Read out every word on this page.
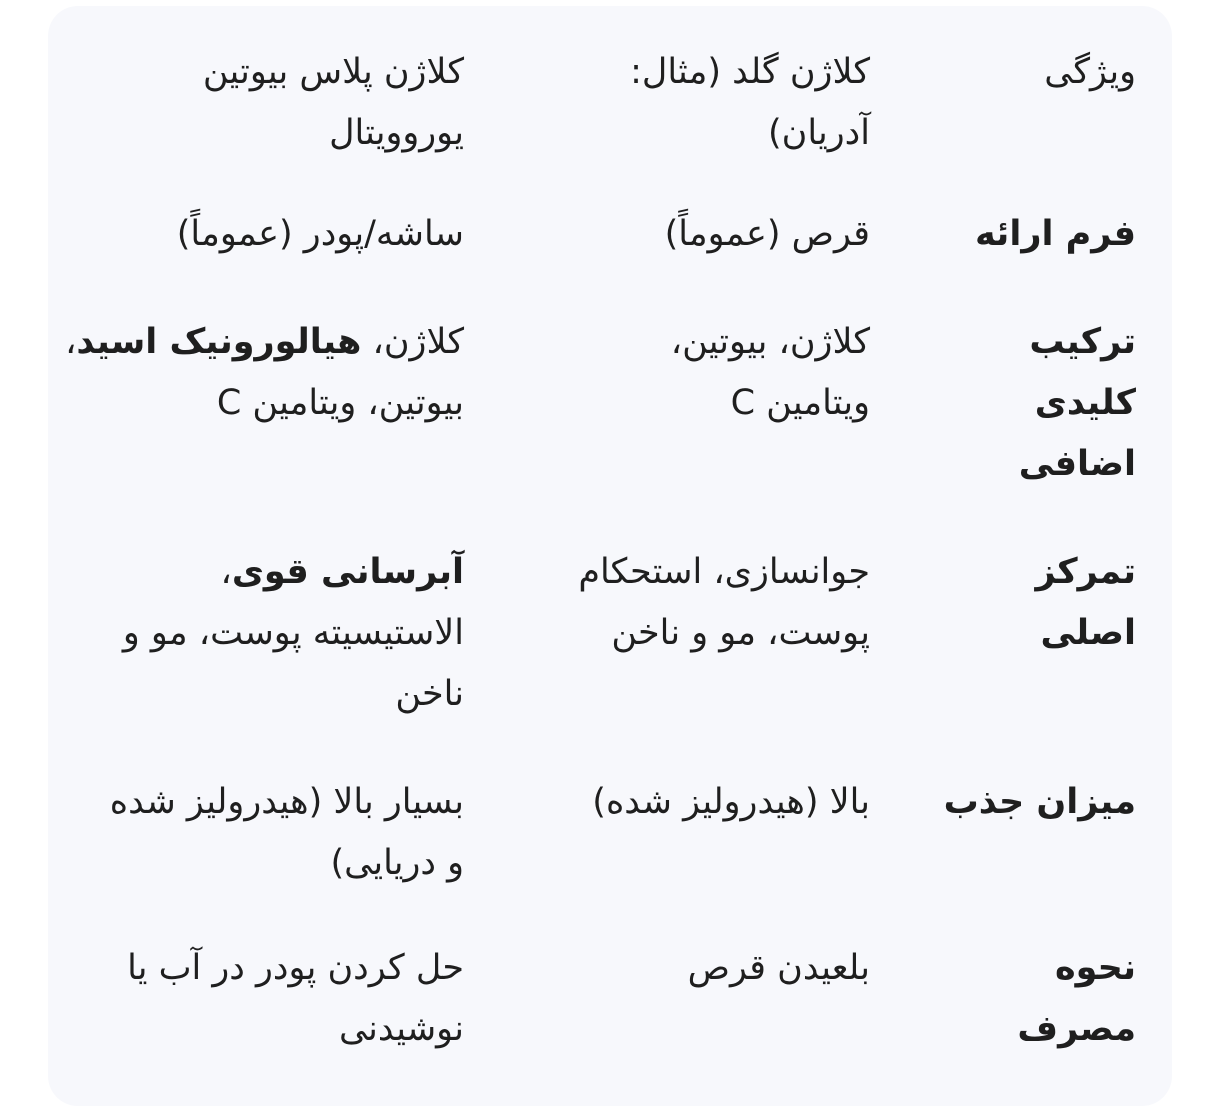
ویژگی
کلاژن گلد (مثال: آدریان)
کلاژن پلاس بیوتین یوروویتال
فرم ارائه
قرص (عموماً)
ساشه/پودر (عموماً)
ترکیب کلیدی اضافی
کلاژن، بیوتین، ویتامین C
کلاژن، هیالورونیک اسید، بیوتین، ویتامین C
تمرکز اصلی
جوانسازی، استحکام پوست، مو و ناخن
آبرسانی قوی، الاستیسیته پوست، مو و ناخن
میزان جذب
بالا (هیدرولیز شده)
بسیار بالا (هیدرولیز شده و دریایی)
نحوه مصرف
بلعیدن قرص
حل کردن پودر در آب یا نوشیدنی
